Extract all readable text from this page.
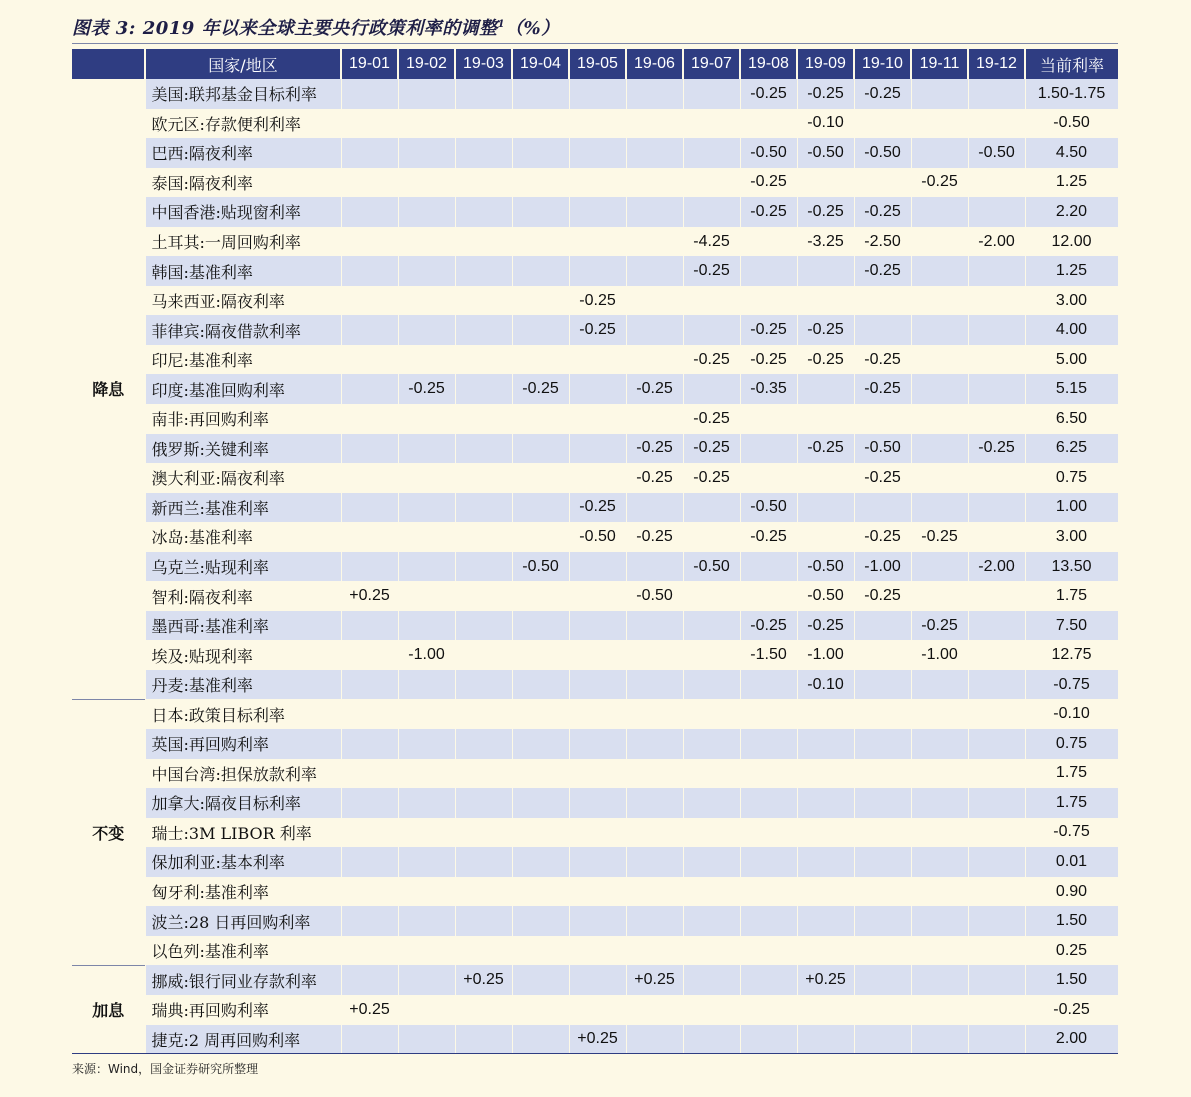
图表 3: 2019 年以来全球主要央行政策利率的调整$^1$（%）
	国家/地区	19-01	19-02	19-03	19-04	19-05	19-06	19-07	19-08	19-09	19-10	19-11	19-12	当前利率
降息	美国:联邦基金目标利率								-0.25	-0.25	-0.25			1.50-1.75
	欧元区:存款便利利率									-0.10				-0.50
	巴西:隔夜利率								-0.50	-0.50	-0.50		-0.50	4.50
	泰国:隔夜利率								-0.25			-0.25		1.25
	中国香港:贴现窗利率								-0.25	-0.25	-0.25			2.20
	土耳其:一周回购利率							-4.25		-3.25	-2.50		-2.00	12.00
	韩国:基准利率							-0.25			-0.25			1.25
	马来西亚:隔夜利率					-0.25								3.00
	菲律宾:隔夜借款利率					-0.25			-0.25	-0.25				4.00
	印尼:基准利率							-0.25	-0.25	-0.25	-0.25			5.00
	印度:基准回购利率		-0.25		-0.25		-0.25		-0.35		-0.25			5.15
	南非:再回购利率							-0.25						6.50
	俄罗斯:关键利率						-0.25	-0.25		-0.25	-0.50		-0.25	6.25
	澳大利亚:隔夜利率						-0.25	-0.25			-0.25			0.75
	新西兰:基准利率					-0.25			-0.50					1.00
	冰岛:基准利率					-0.50	-0.25		-0.25		-0.25	-0.25		3.00
	乌克兰:贴现利率				-0.50			-0.50		-0.50	-1.00		-2.00	13.50
	智利:隔夜利率	+0.25					-0.50			-0.50	-0.25			1.75
	墨西哥:基准利率								-0.25	-0.25		-0.25		7.50
	埃及:贴现利率		-1.00						-1.50	-1.00		-1.00		12.75
	丹麦:基准利率									-0.10				-0.75
不变	日本:政策目标利率													-0.10
	英国:再回购利率													0.75
	中国台湾:担保放款利率													1.75
	加拿大:隔夜目标利率													1.75
	瑞士:3M LIBOR 利率													-0.75
	保加利亚:基本利率													0.01
	匈牙利:基准利率													0.90
	波兰:28 日再回购利率													1.50
	以色列:基准利率													0.25
加息	挪威:银行同业存款利率			+0.25			+0.25			+0.25				1.50
	瑞典:再回购利率	+0.25												-0.25
	捷克:2 周再回购利率					+0.25								2.00
来源：Wind，国金证券研究所整理
